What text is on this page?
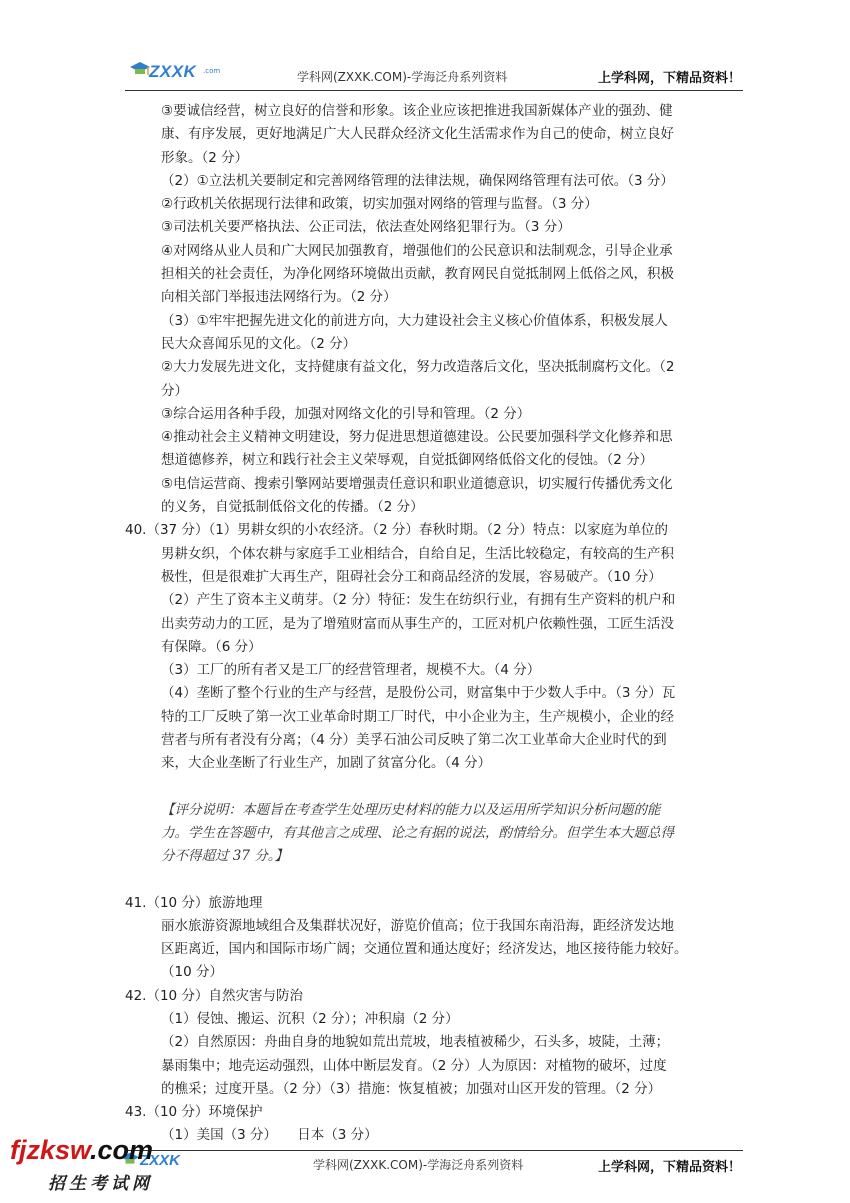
ZXXK .com	学科网(ZXXK.COM)-学海泛舟系列资料	上学科网，下精品资料！
③要诚信经营，树立良好的信誉和形象。该企业应该把推进我国新媒体产业的强劲、健
康、有序发展，更好地满足广大人民群众经济文化生活需求作为自己的使命，树立良好
形象。（2 分）
（2）①立法机关要制定和完善网络管理的法律法规，确保网络管理有法可依。（3 分）
②行政机关依据现行法律和政策，切实加强对网络的管理与监督。（3 分）
③司法机关要严格执法、公正司法，依法查处网络犯罪行为。（3 分）
④对网络从业人员和广大网民加强教育，增强他们的公民意识和法制观念，引导企业承
担相关的社会责任，为净化网络环境做出贡献，教育网民自觉抵制网上低俗之风，积极
向相关部门举报违法网络行为。（2 分）
（3）①牢牢把握先进文化的前进方向，大力建设社会主义核心价值体系，积极发展人
民大众喜闻乐见的文化。（2 分）
②大力发展先进文化，支持健康有益文化，努力改造落后文化，坚决抵制腐朽文化。（2
分）
③综合运用各种手段，加强对网络文化的引导和管理。（2 分）
④推动社会主义精神文明建设，努力促进思想道德建设。公民要加强科学文化修养和思
想道德修养，树立和践行社会主义荣辱观，自觉抵御网络低俗文化的侵蚀。（2 分）
⑤电信运营商、搜索引擎网站要增强责任意识和职业道德意识，切实履行传播优秀文化
的义务，自觉抵制低俗文化的传播。（2 分）
40.（37 分）（1）男耕女织的小农经济。（2 分）春秋时期。（2 分）特点：以家庭为单位的
男耕女织，个体农耕与家庭手工业相结合，自给自足，生活比较稳定，有较高的生产积
极性，但是很难扩大再生产，阻碍社会分工和商品经济的发展，容易破产。（10 分）
（2）产生了资本主义萌芽。（2 分）特征：发生在纺织行业，有拥有生产资料的机户和
出卖劳动力的工匠，是为了增殖财富而从事生产的，工匠对机户依赖性强，工匠生活没
有保障。（6 分）
（3）工厂的所有者又是工厂的经营管理者，规模不大。（4 分）
（4）垄断了整个行业的生产与经营，是股份公司，财富集中于少数人手中。（3 分）瓦
特的工厂反映了第一次工业革命时期工厂时代，中小企业为主，生产规模小，企业的经
营者与所有者没有分离；（4 分）美孚石油公司反映了第二次工业革命大企业时代的到
来，大企业垄断了行业生产，加剧了贫富分化。（4 分）
【评分说明：本题旨在考查学生处理历史材料的能力以及运用所学知识分析问题的能
力。学生在答题中，有其他言之成理、论之有据的说法，酌情给分。但学生本大题总得
分不得超过 37 分。】
41.（10 分）旅游地理
丽水旅游资源地域组合及集群状况好，游览价值高；位于我国东南沿海，距经济发达地
区距离近，国内和国际市场广阔；交通位置和通达度好；经济发达，地区接待能力较好。
（10 分）
42.（10 分）自然灾害与防治
（1）侵蚀、搬运、沉积（2 分）；冲积扇（2 分）
（2）自然原因：舟曲自身的地貌如荒出荒坡，地表植被稀少，石头多，坡陡，土薄；
暴雨集中；地壳运动强烈，山体中断层发育。（2 分）人为原因：对植物的破坏，过度
的樵采；过度开垦。（2 分）（3）措施：恢复植被；加强对山区开发的管理。（2 分）
43.（10 分）环境保护
（1）美国（3 分）　　日本（3 分）
学科网(ZXXK.COM)-学海泛舟系列资料	上学科网，下精品资料！
ZXXK
fjzksw.com
招生考试网
